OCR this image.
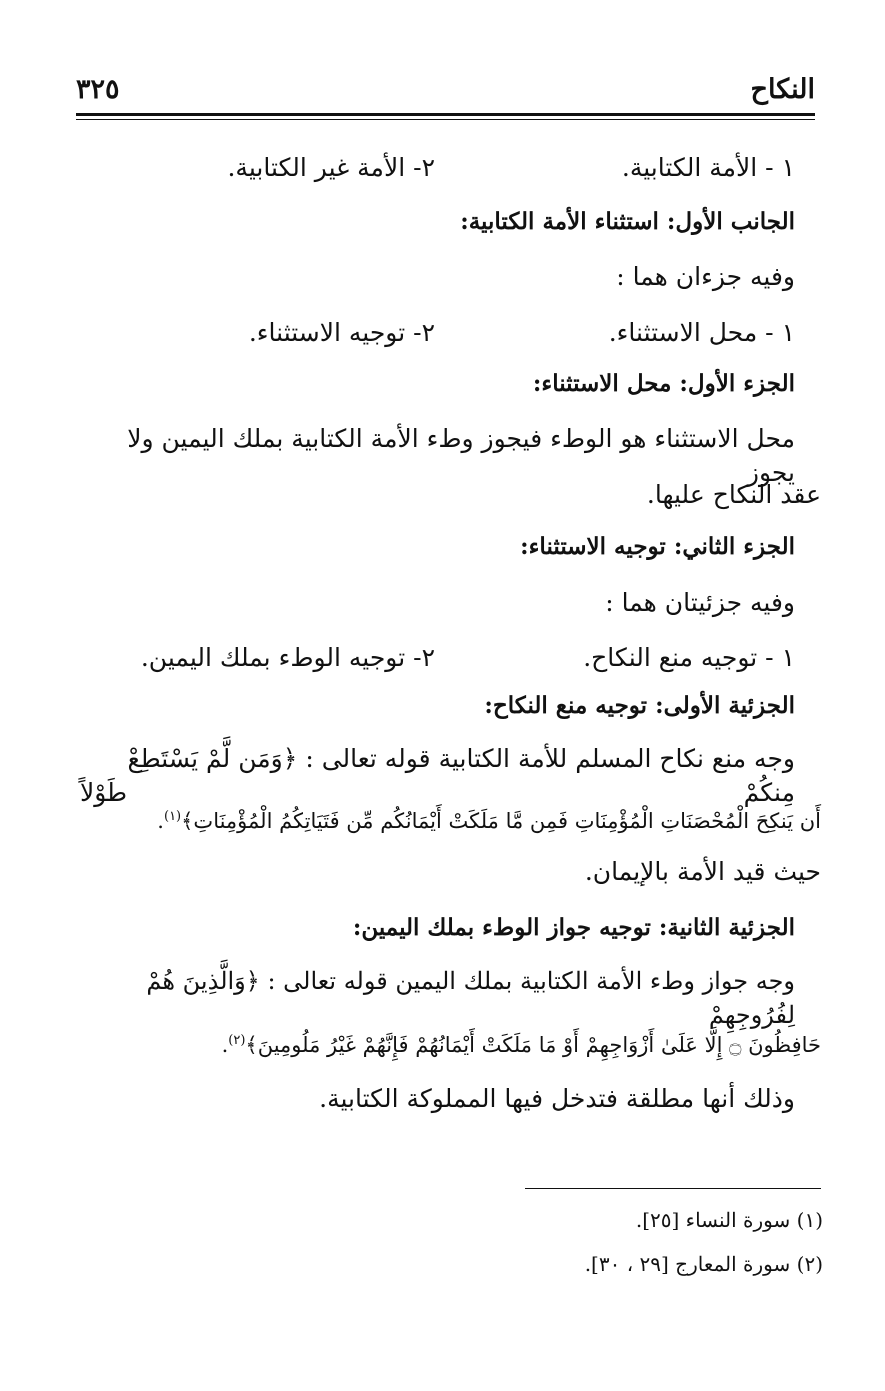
النكاح
٣٢٥
١ - الأمة الكتابية.
٢- الأمة غير الكتابية.
الجانب الأول: استثناء الأمة الكتابية:
وفيه جزءان هما :
١ - محل الاستثناء.
٢- توجيه الاستثناء.
الجزء الأول: محل الاستثناء:
محل الاستثناء هو الوطء فيجوز وطء الأمة الكتابية بملك اليمين ولا يجوز
عقد النكاح عليها.
الجزء الثاني: توجيه الاستثناء:
وفيه جزئيتان هما :
١ - توجيه منع النكاح.
٢- توجيه الوطء بملك اليمين.
الجزئية الأولى: توجيه منع النكاح:
وجه منع نكاح المسلم للأمة الكتابية قوله تعالى : ﴿وَمَن لَّمْ يَسْتَطِعْ مِنكُمْ طَوْلاً
أَن يَنكِحَ الْمُحْصَنَاتِ الْمُؤْمِنَاتِ فَمِن مَّا مَلَكَتْ أَيْمَانُكُم مِّن فَتَيَاتِكُمُ الْمُؤْمِنَاتِ﴾$^{(١)}$.
حيث قيد الأمة بالإيمان.
الجزئية الثانية: توجيه جواز الوطء بملك اليمين:
وجه جواز وطء الأمة الكتابية بملك اليمين قوله تعالى : ﴿وَالَّذِينَ هُمْ لِفُرُوجِهِمْ
حَافِظُونَ ۝ إِلَّا عَلَىٰ أَزْوَاجِهِمْ أَوْ مَا مَلَكَتْ أَيْمَانُهُمْ فَإِنَّهُمْ غَيْرُ مَلُومِينَ﴾$^{(٢)}$.
وذلك أنها مطلقة فتدخل فيها المملوكة الكتابية.
(١) سورة النساء [٢٥].
(٢) سورة المعارج [٢٩ ، ٣٠].
